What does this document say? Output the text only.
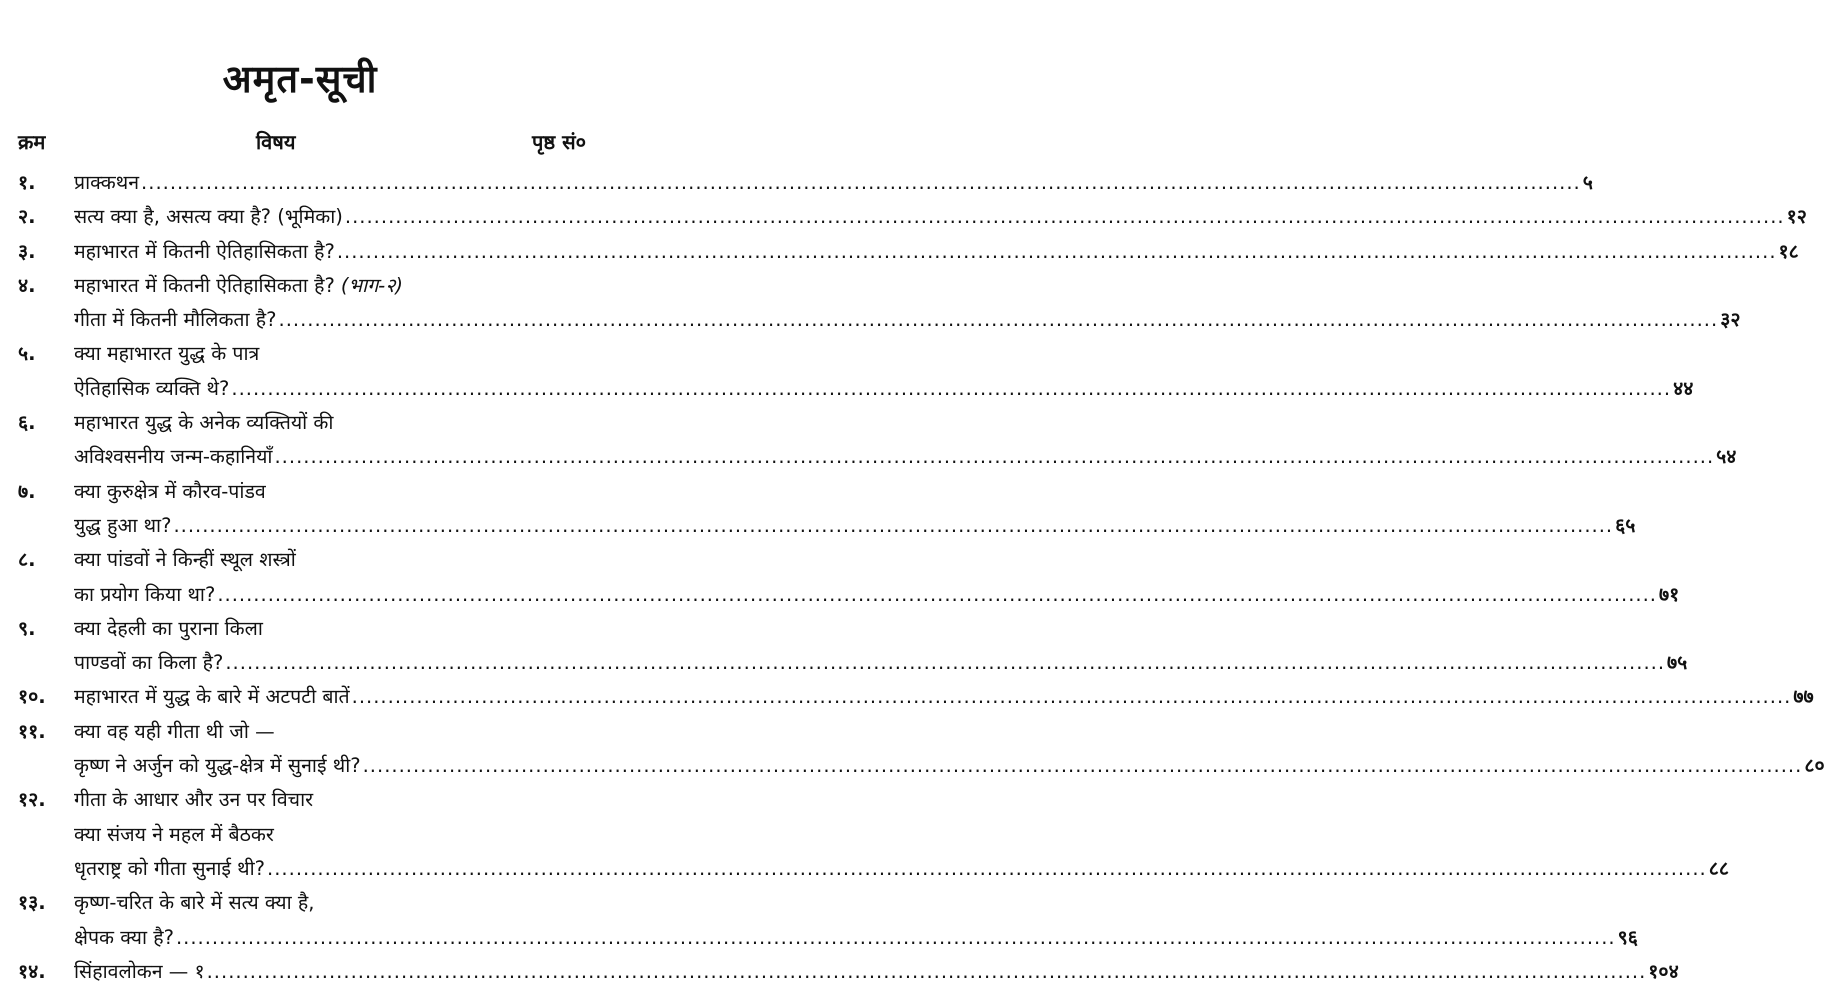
अमृत-सूची
क्रम	विषय	पृष्ठ सं०
१.	प्राक्कथन ........................................................................................................................................................................................................ ५
२.	सत्य क्या है, असत्य क्या है? (भूमिका) ........................................................................................................................................................................................................ १२
३.	महाभारत में कितनी ऐतिहासिकता है? ........................................................................................................................................................................................................ १८
४.	महाभारत में कितनी ऐतिहासिकता है? (भाग-२)
गीता में कितनी मौलिकता है? ........................................................................................................................................................................................................ ३२
५.	क्या महाभारत युद्ध के पात्र
ऐतिहासिक व्यक्ति थे? ........................................................................................................................................................................................................ ४४
६.	महाभारत युद्ध के अनेक व्यक्तियों की
अविश्वसनीय जन्म-कहानियाँ ........................................................................................................................................................................................................ ५४
७.	क्या कुरुक्षेत्र में कौरव-पांडव
युद्ध हुआ था? ........................................................................................................................................................................................................ ६५
८.	क्या पांडवों ने किन्हीं स्थूल शस्त्रों
का प्रयोग किया था? ........................................................................................................................................................................................................ ७१
९.	क्या देहली का पुराना किला
पाण्डवों का किला है? ........................................................................................................................................................................................................ ७५
१०.	महाभारत में युद्ध के बारे में अटपटी बातें ........................................................................................................................................................................................................ ७७
११.	क्या वह यही गीता थी जो —
कृष्ण ने अर्जुन को युद्ध-क्षेत्र में सुनाई थी? ........................................................................................................................................................................................................ ८०
१२.	गीता के आधार और उन पर विचार
क्या संजय ने महल में बैठकर
धृतराष्ट्र को गीता सुनाई थी? ........................................................................................................................................................................................................ ८८
१३.	कृष्ण-चरित के बारे में सत्य क्या है,
क्षेपक क्या है? ........................................................................................................................................................................................................ ९६
१४.	सिंहावलोकन — १ ........................................................................................................................................................................................................ १०४
